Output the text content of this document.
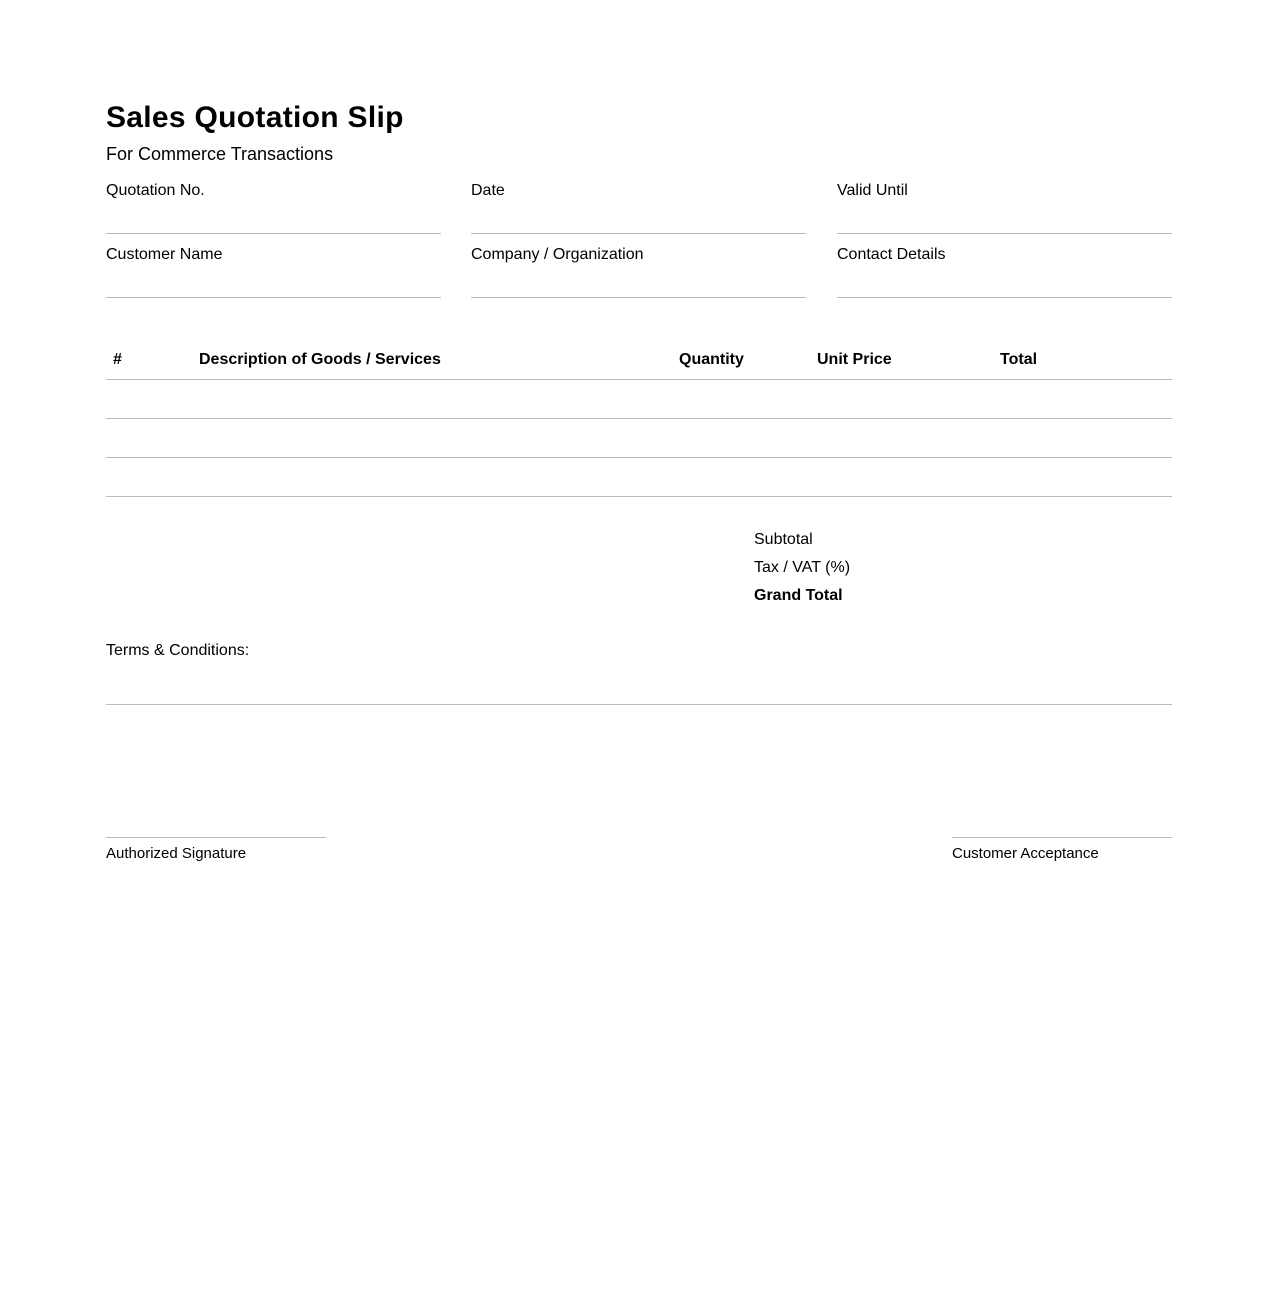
Sales Quotation Slip
For Commerce Transactions
Quotation No.	Date	Valid Until
Customer Name	Company / Organization	Contact Details
#	Description of Goods / Services	Quantity	Unit Price	Total

Subtotal
Tax / VAT (%)
Grand Total
Terms & Conditions:
Authorized Signature	Customer Acceptance
